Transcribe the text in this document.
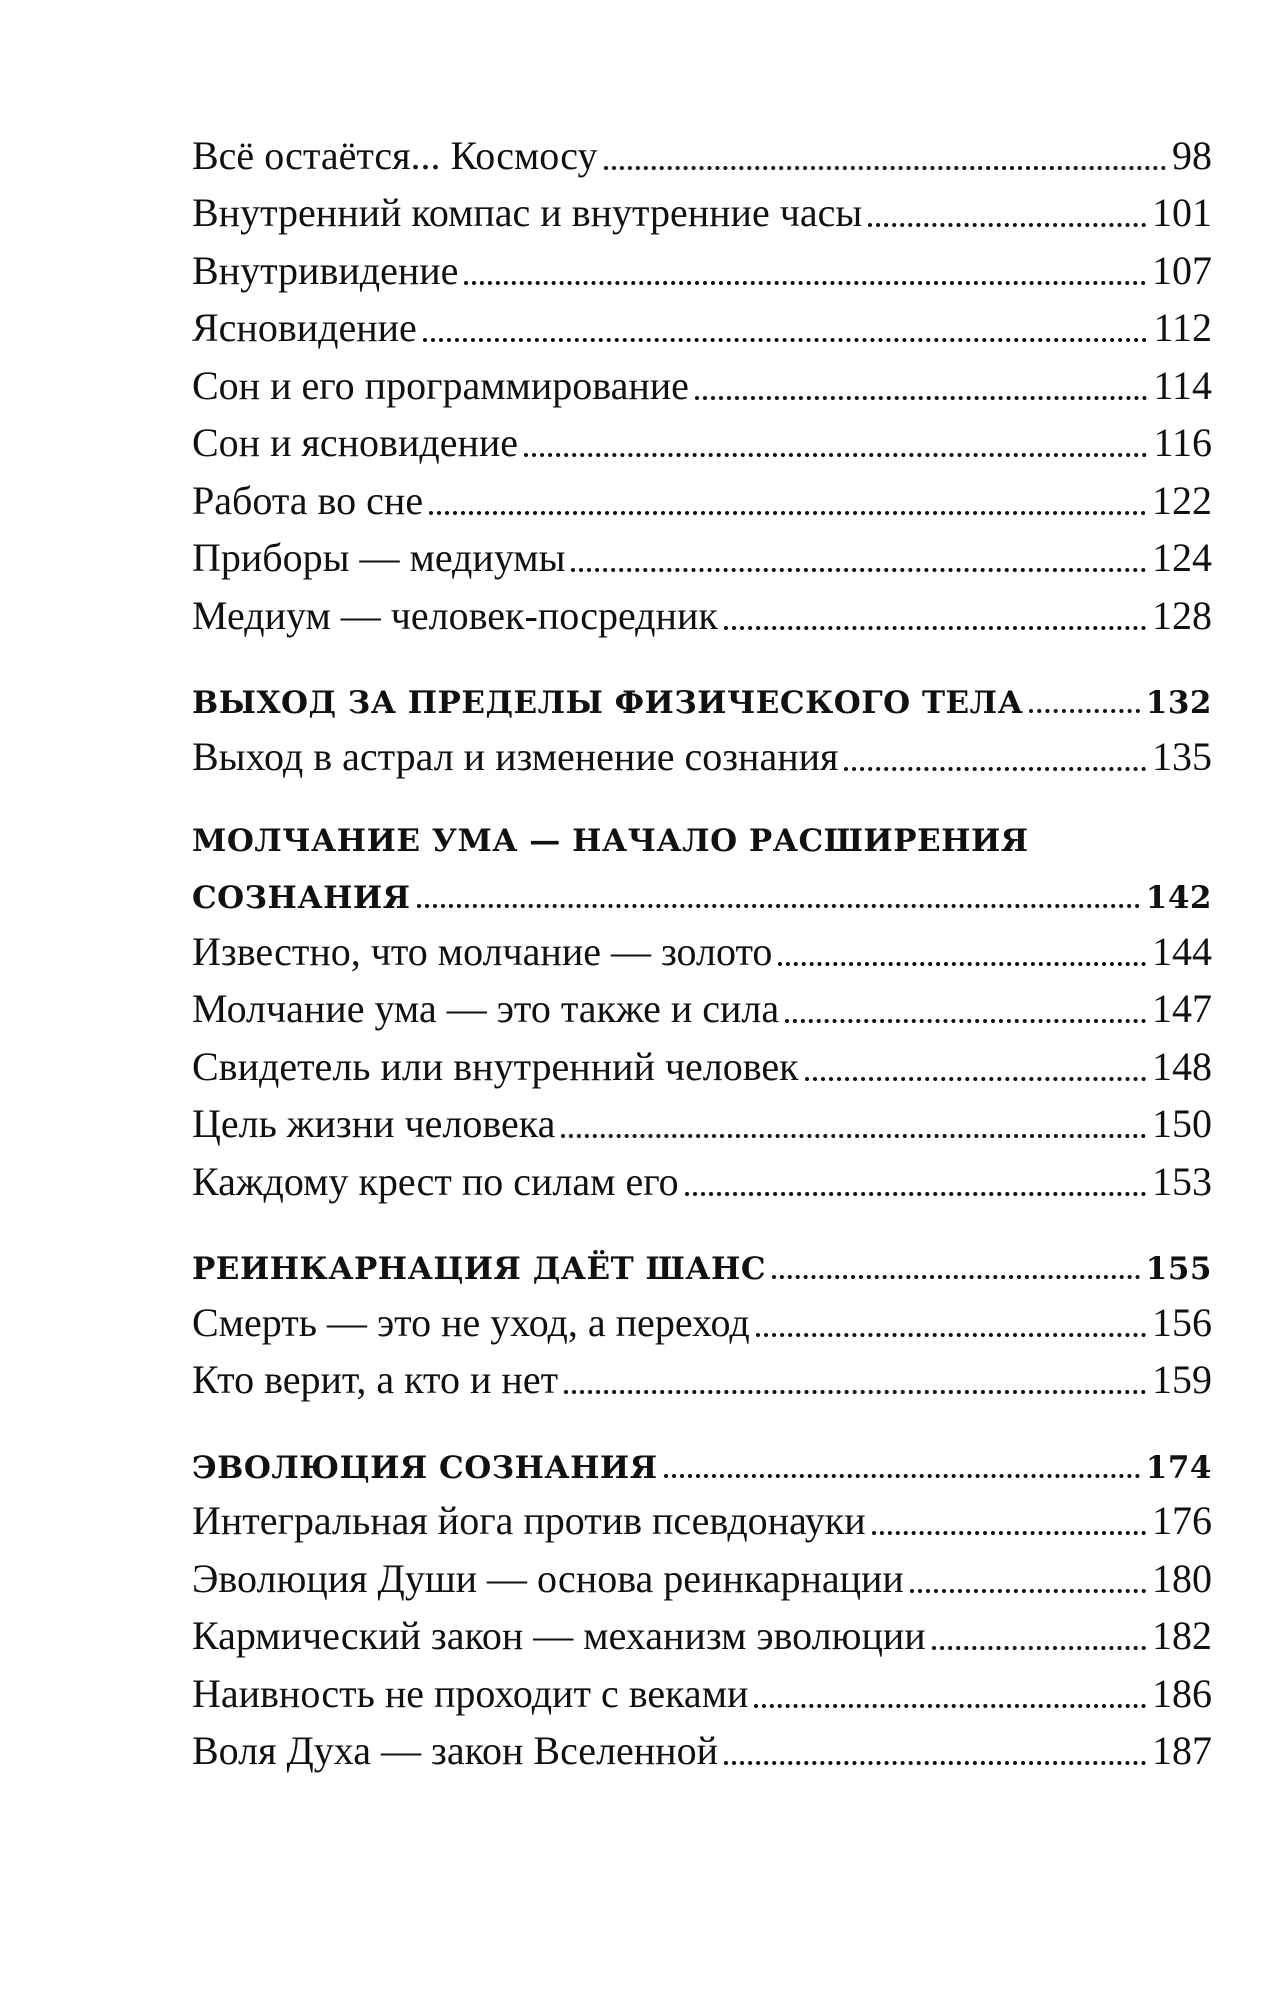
Всё остаётся... Космосу	98
Внутренний компас и внутренние часы	101
Внутривидение	107
Ясновидение	112
Сон и его программирование	114
Сон и ясновидение	116
Работа во сне	122
Приборы — медиумы	124
Медиум — человек-посредник	128
ВЫХОД ЗА ПРЕДЕЛЫ ФИЗИЧЕСКОГО ТЕЛА	132
Выход в астрал и изменение сознания	135
МОЛЧАНИЕ УМА — НАЧАЛО РАСШИРЕНИЯ
СОЗНАНИЯ	142
Известно, что молчание — золото	144
Молчание ума — это также и сила	147
Свидетель или внутренний человек	148
Цель жизни человека	150
Каждому крест по силам его	153
РЕИНКАРНАЦИЯ ДАЁТ ШАНС	155
Смерть — это не уход, а переход	156
Кто верит, а кто и нет	159
ЭВОЛЮЦИЯ СОЗНАНИЯ	174
Интегральная йога против псевдонауки	176
Эволюция Души — основа реинкарнации	180
Кармический закон — механизм эволюции	182
Наивность не проходит с веками	186
Воля Духа — закон Вселенной	187
